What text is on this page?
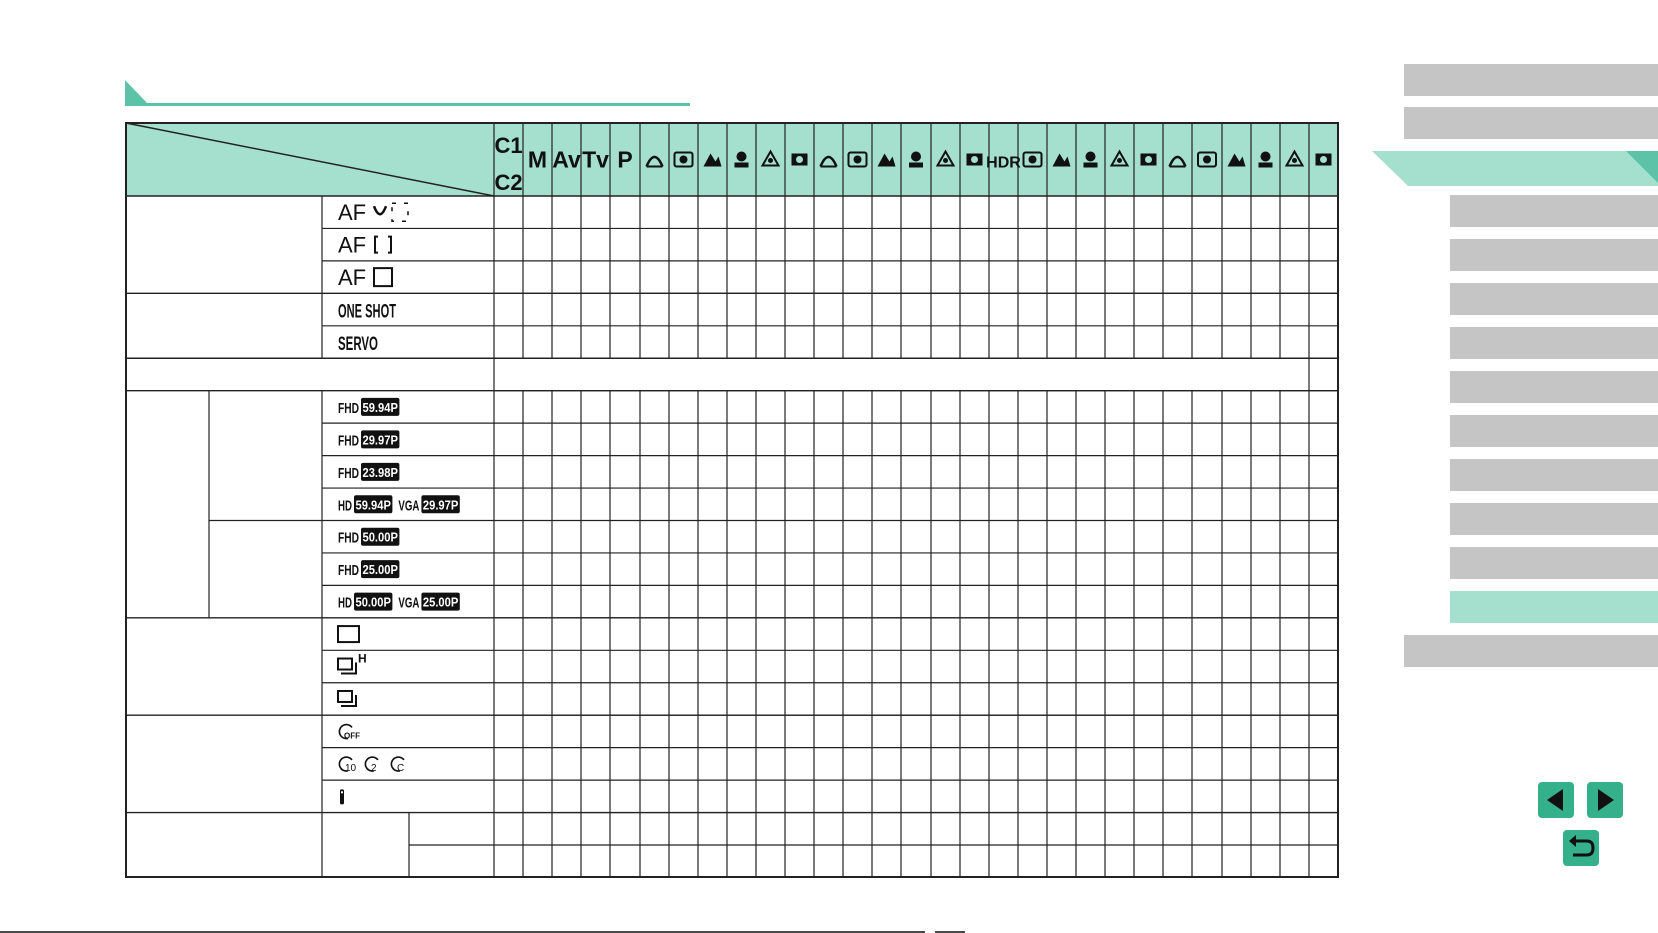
C1
C2
M Av Tv P	HDR
AF
AF
AF
ONE SHOT
SERVO
FHD 59.94P
FHD 29.97P
FHD 23.98P
HD 59.94P VGA 29.97P
FHD 50.00P
FHD 25.00P
HD 50.00P VGA 25.00P
H
OFF
10 2 C
